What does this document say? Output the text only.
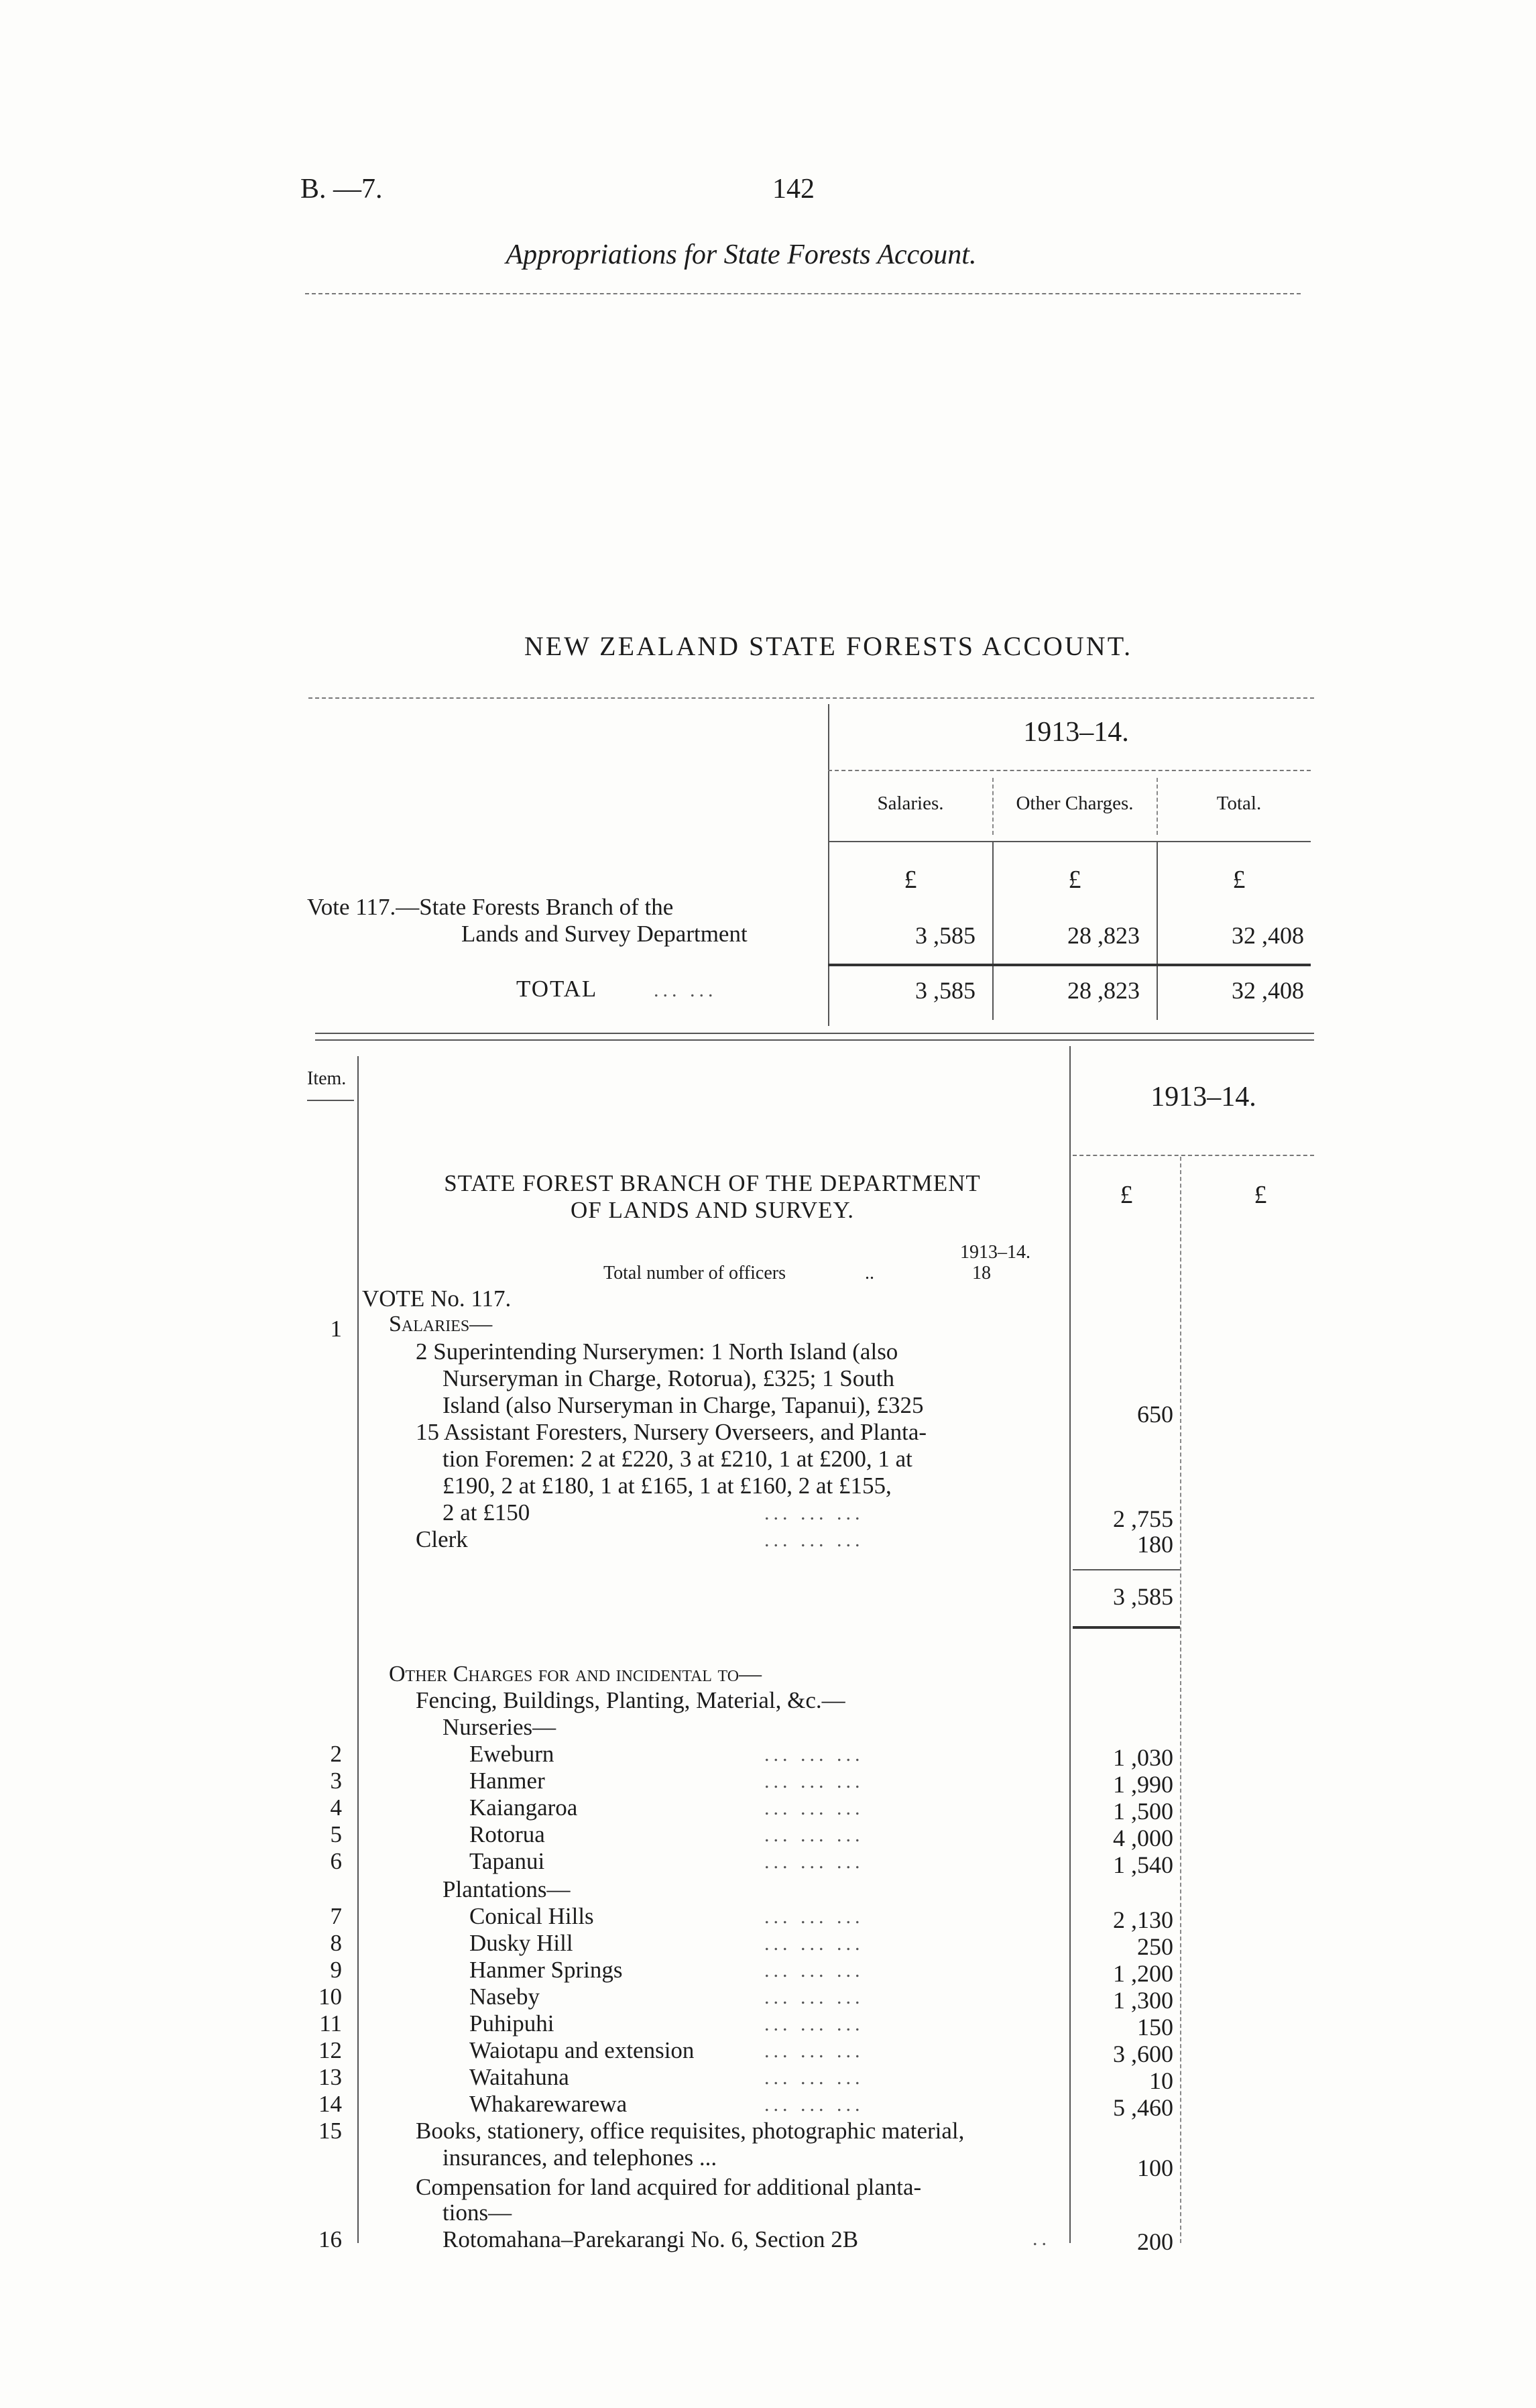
B. —7.	142
Appropriations for State Forests Account.
NEW ZEALAND STATE FORESTS ACCOUNT.
1913–14.
Salaries.	Other Charges.	Total.
£	£	£
Vote 117.—State Forests Branch of the
Lands and Survey Department	3 ,585	28 ,823	32 ,408
TOTAL	... ...	3 ,585	28 ,823	32 ,408
Item.
1913–14.
£	£
STATE FOREST BRANCH OF THE DEPARTMENT
OF LANDS AND SURVEY.
1913–14.
Total number of officers	..	18
VOTE No. 117.
Salaries—
1
2 Superintending Nurserymen: 1 North Island (also
Nurseryman in Charge, Rotorua), £325; 1 South
Island (also Nurseryman in Charge, Tapanui), £325	650
15 Assistant Foresters, Nursery Overseers, and Planta-
tion Foremen: 2 at £220, 3 at £210, 1 at £200, 1 at
£190, 2 at £180, 1 at £165, 1 at £160, 2 at £155,
2 at £150	... ... ...	2 ,755
Clerk	... ... ...	180
3 ,585
Other Charges for and incidental to—
Fencing, Buildings, Planting, Material, &c.—
Nurseries—
2	Eweburn	... ... ...	1 ,030
3	Hanmer	... ... ...	1 ,990
4	Kaiangaroa	... ... ...	1 ,500
5	Rotorua	... ... ...	4 ,000
6	Tapanui	... ... ...	1 ,540
Plantations—
7	Conical Hills	... ... ...	2 ,130
8	Dusky Hill	... ... ...	250
9	Hanmer Springs	... ... ...	1 ,200
10	Naseby	... ... ...	1 ,300
11	Puhipuhi	... ... ...	150
12	Waiotapu and extension	... ... ...	3 ,600
13	Waitahuna	... ... ...	10
14	Whakarewarewa	... ... ...	5 ,460
15	Books, stationery, office requisites, photographic material,
insurances, and telephones ...	100
Compensation for land acquired for additional planta-
tions—
16	Rotomahana–Parekarangi No. 6, Section 2B	..	200
